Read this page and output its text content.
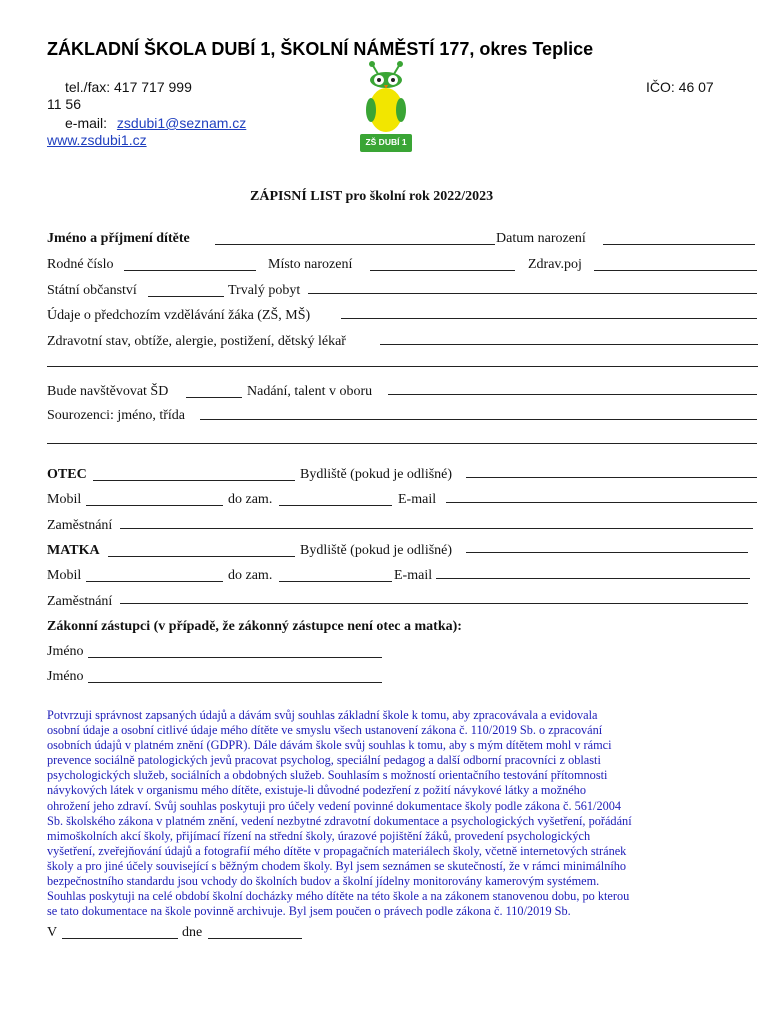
ZÁKLADNÍ ŠKOLA DUBÍ 1, ŠKOLNÍ NÁMĚSTÍ 177, okres Teplice
tel./fax: 417 717 999	IČO: 46 07
11 56
e-mail: zsdubi1@seznam.cz
www.zsdubi1.cz	ZŠ DUBÍ 1
ZÁPISNÍ LIST pro školní rok 2022/2023
Jméno a příjmení dítěte	Datum narození
Rodné číslo	Místo narození	Zdrav.poj
Státní občanství	Trvalý pobyt
Údaje o předchozím vzdělávání žáka (ZŠ, MŠ)
Zdravotní stav, obtíže, alergie, postižení, dětský lékař
Bude navštěvovat ŠD	Nadání, talent v oboru
Sourozenci: jméno, třída
OTEC	Bydliště (pokud je odlišné)
Mobil	do zam.	E-mail
Zaměstnání
MATKA	Bydliště (pokud je odlišné)
Mobil	do zam.	E-mail
Zaměstnání
Zákonní zástupci (v případě, že zákonný zástupce není otec a matka):
Jméno
Jméno
Potvrzuji správnost zapsaných údajů a dávám svůj souhlas základní škole k tomu, aby zpracovávala a evidovala
osobní údaje a osobní citlivé údaje mého dítěte ve smyslu všech ustanovení zákona č. 110/2019 Sb. o zpracování
osobních údajů v platném znění (GDPR). Dále dávám škole svůj souhlas k tomu, aby s mým dítětem mohl v rámci
prevence sociálně patologických jevů pracovat psycholog, speciální pedagog a další odborní pracovníci z oblasti
psychologických služeb, sociálních a obdobných služeb. Souhlasím s možností orientačního testování přítomnosti
návykových látek v organismu mého dítěte, existuje-li důvodné podezření z požití návykové látky a možného
ohrožení jeho zdraví. Svůj souhlas poskytuji pro účely vedení povinné dokumentace školy podle zákona č. 561/2004
Sb. školského zákona v platném znění, vedení nezbytné zdravotní dokumentace a psychologických vyšetření, pořádání
mimoškolních akcí školy, přijímací řízení na střední školy, úrazové pojištění žáků, provedení psychologických
vyšetření, zveřejňování údajů a fotografií mého dítěte v propagačních materiálech školy, včetně internetových stránek
školy a pro jiné účely související s běžným chodem školy. Byl jsem seznámen se skutečností, že v rámci minimálního
bezpečnostního standardu jsou vchody do školních budov a školní jídelny monitorovány kamerovým systémem.
Souhlas poskytuji na celé období školní docházky mého dítěte na této škole a na zákonem stanovenou dobu, po kterou
se tato dokumentace na škole povinně archivuje. Byl jsem poučen o právech podle zákona č. 110/2019 Sb.
V	dne
